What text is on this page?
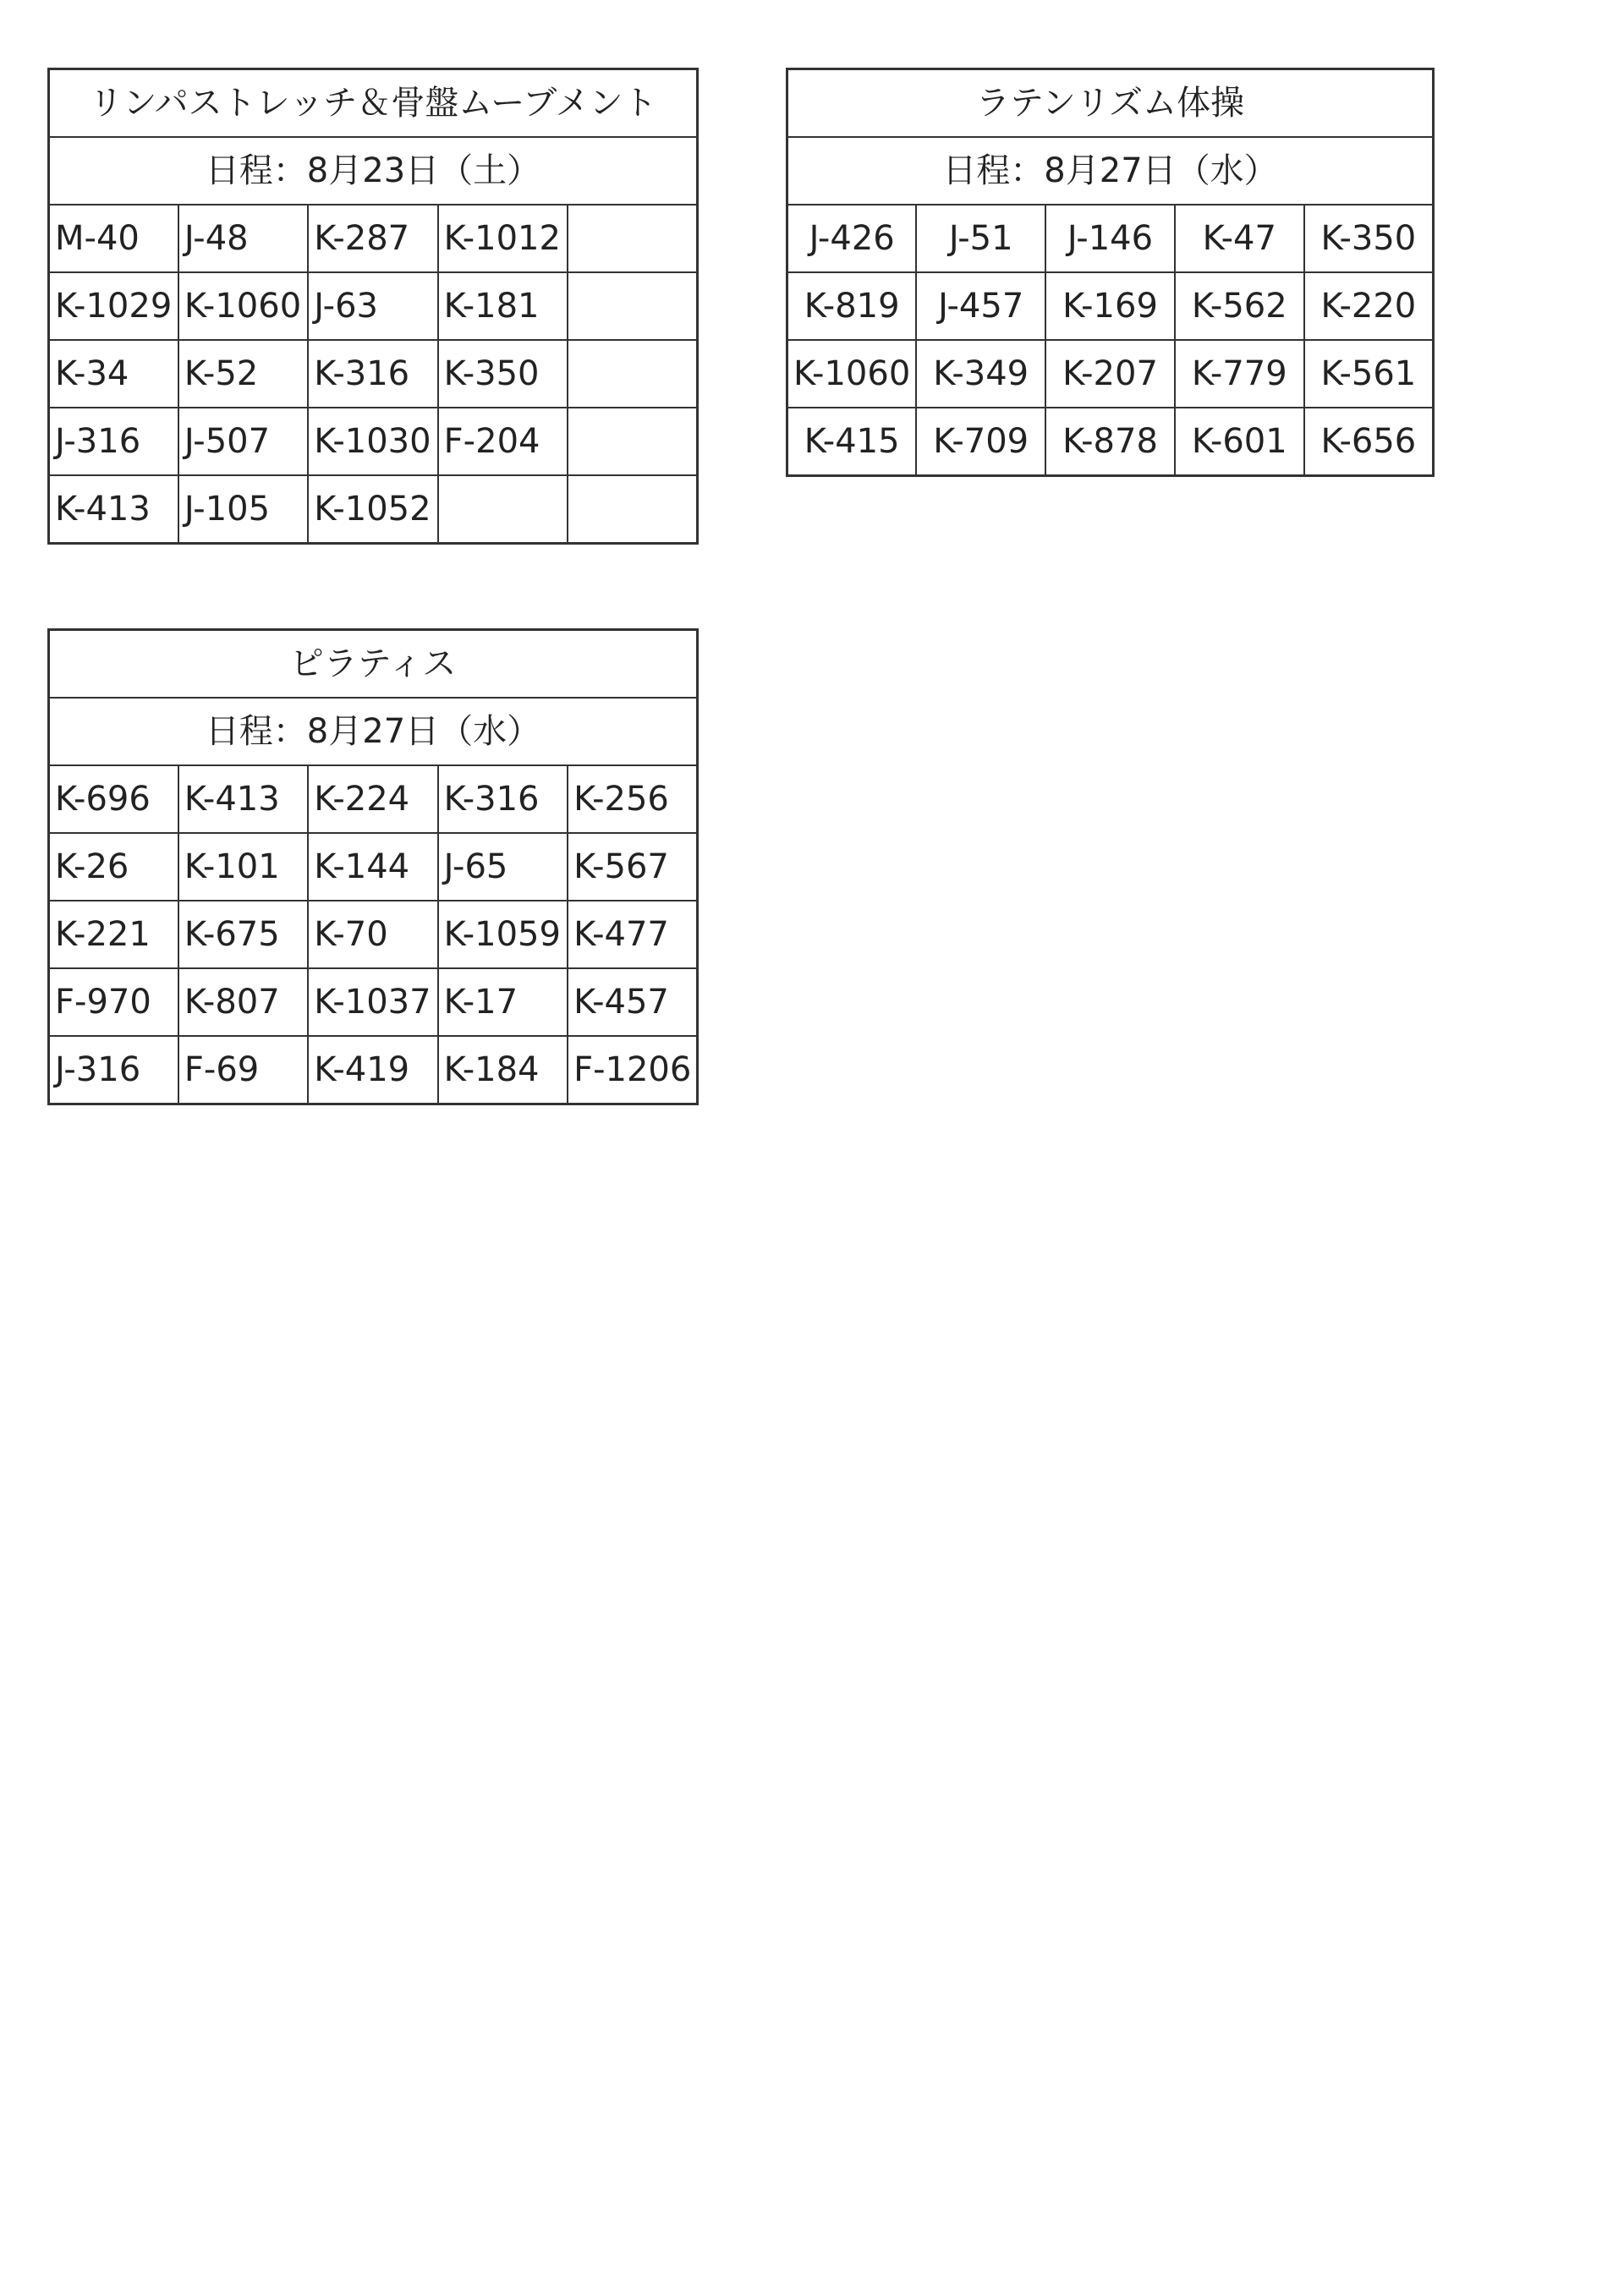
リンパストレッチ＆骨盤ムーブメント				
日程：8月23日（土）				
M-40	J-48	K-287	K-1012	
K-1029	K-1060	J-63	K-181	
K-34	K-52	K-316	K-350	
J-316	J-507	K-1030	F-204	
K-413	J-105	K-1052		
ラテンリズム体操				
日程：8月27日（水）				
J-426	J-51	J-146	K-47	K-350
K-819	J-457	K-169	K-562	K-220
K-1060	K-349	K-207	K-779	K-561
K-415	K-709	K-878	K-601	K-656
ピラティス				
日程：8月27日（水）				
K-696	K-413	K-224	K-316	K-256
K-26	K-101	K-144	J-65	K-567
K-221	K-675	K-70	K-1059	K-477
F-970	K-807	K-1037	K-17	K-457
J-316	F-69	K-419	K-184	F-1206
